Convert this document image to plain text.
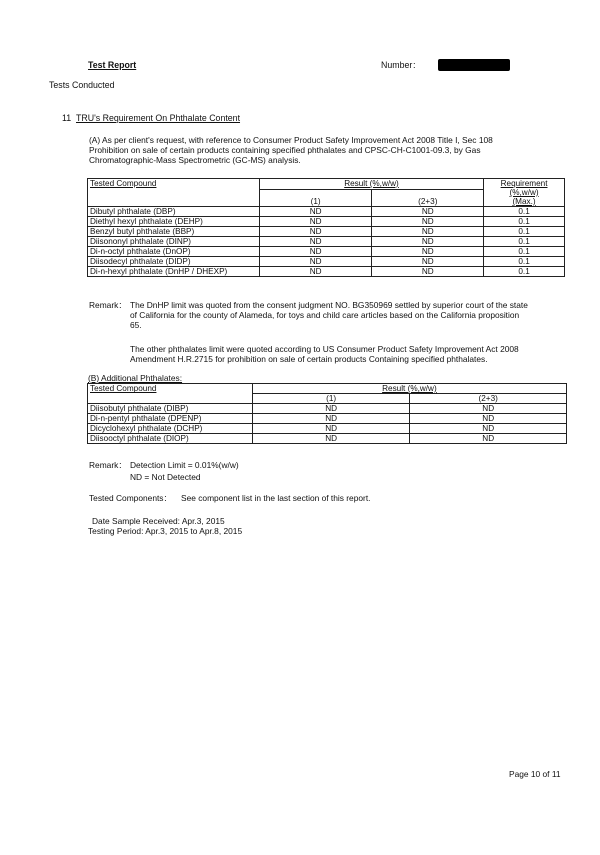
Test Report	Number：
Tests Conducted
11 TRU's Requirement On Phthalate Content
(A) As per client's request, with reference to Consumer Product Safety Improvement Act 2008 Title I, Sec 108
Prohibition on sale of certain products containing specified phthalates and CPSC-CH-C1001-09.3, by Gas
Chromatographic-Mass Spectrometric (GC-MS) analysis.
Tested Compound	Result (%,w/w)		Requirement
(%,w/w)
(Max.)

	(1)	(2+3)	
Dibutyl phthalate (DBP)	ND	ND	0.1
Diethyl hexyl phthalate (DEHP)	ND	ND	0.1
Benzyl butyl phthalate (BBP)	ND	ND	0.1
Diisononyl phthalate (DINP)	ND	ND	0.1
Di-n-octyl phthalate (DnOP)	ND	ND	0.1
Diisodecyl phthalate (DIDP)	ND	ND	0.1
Di-n-hexyl phthalate (DnHP / DHEXP)	ND	ND	0.1
Remark： The DnHP limit was quoted from the consent judgment NO. BG350969 settled by superior court of the state
of California for the county of Alameda, for toys and child care articles based on the California proposition
65.
The other phthalates limit were quoted according to US Consumer Product Safety Improvement Act 2008
Amendment H.R.2715 for prohibition on sale of certain products Containing specified phthalates.
(B) Additional Phthalates:
Tested Compound	Result (%,w/w)	
	(1)	(2+3)
Diisobutyl phthalate (DIBP)	ND	ND
Di-n-pentyl phthalate (DPENP)	ND	ND
Dicyclohexyl phthalate (DCHP)	ND	ND
Diisooctyl phthalate (DIOP)	ND	ND
Remark： Detection Limit = 0.01%(w/w)
ND = Not Detected
Tested Components： See component list in the last section of this report.
Date Sample Received: Apr.3, 2015
Testing Period: Apr.3, 2015 to Apr.8, 2015
Page 10 of 11
